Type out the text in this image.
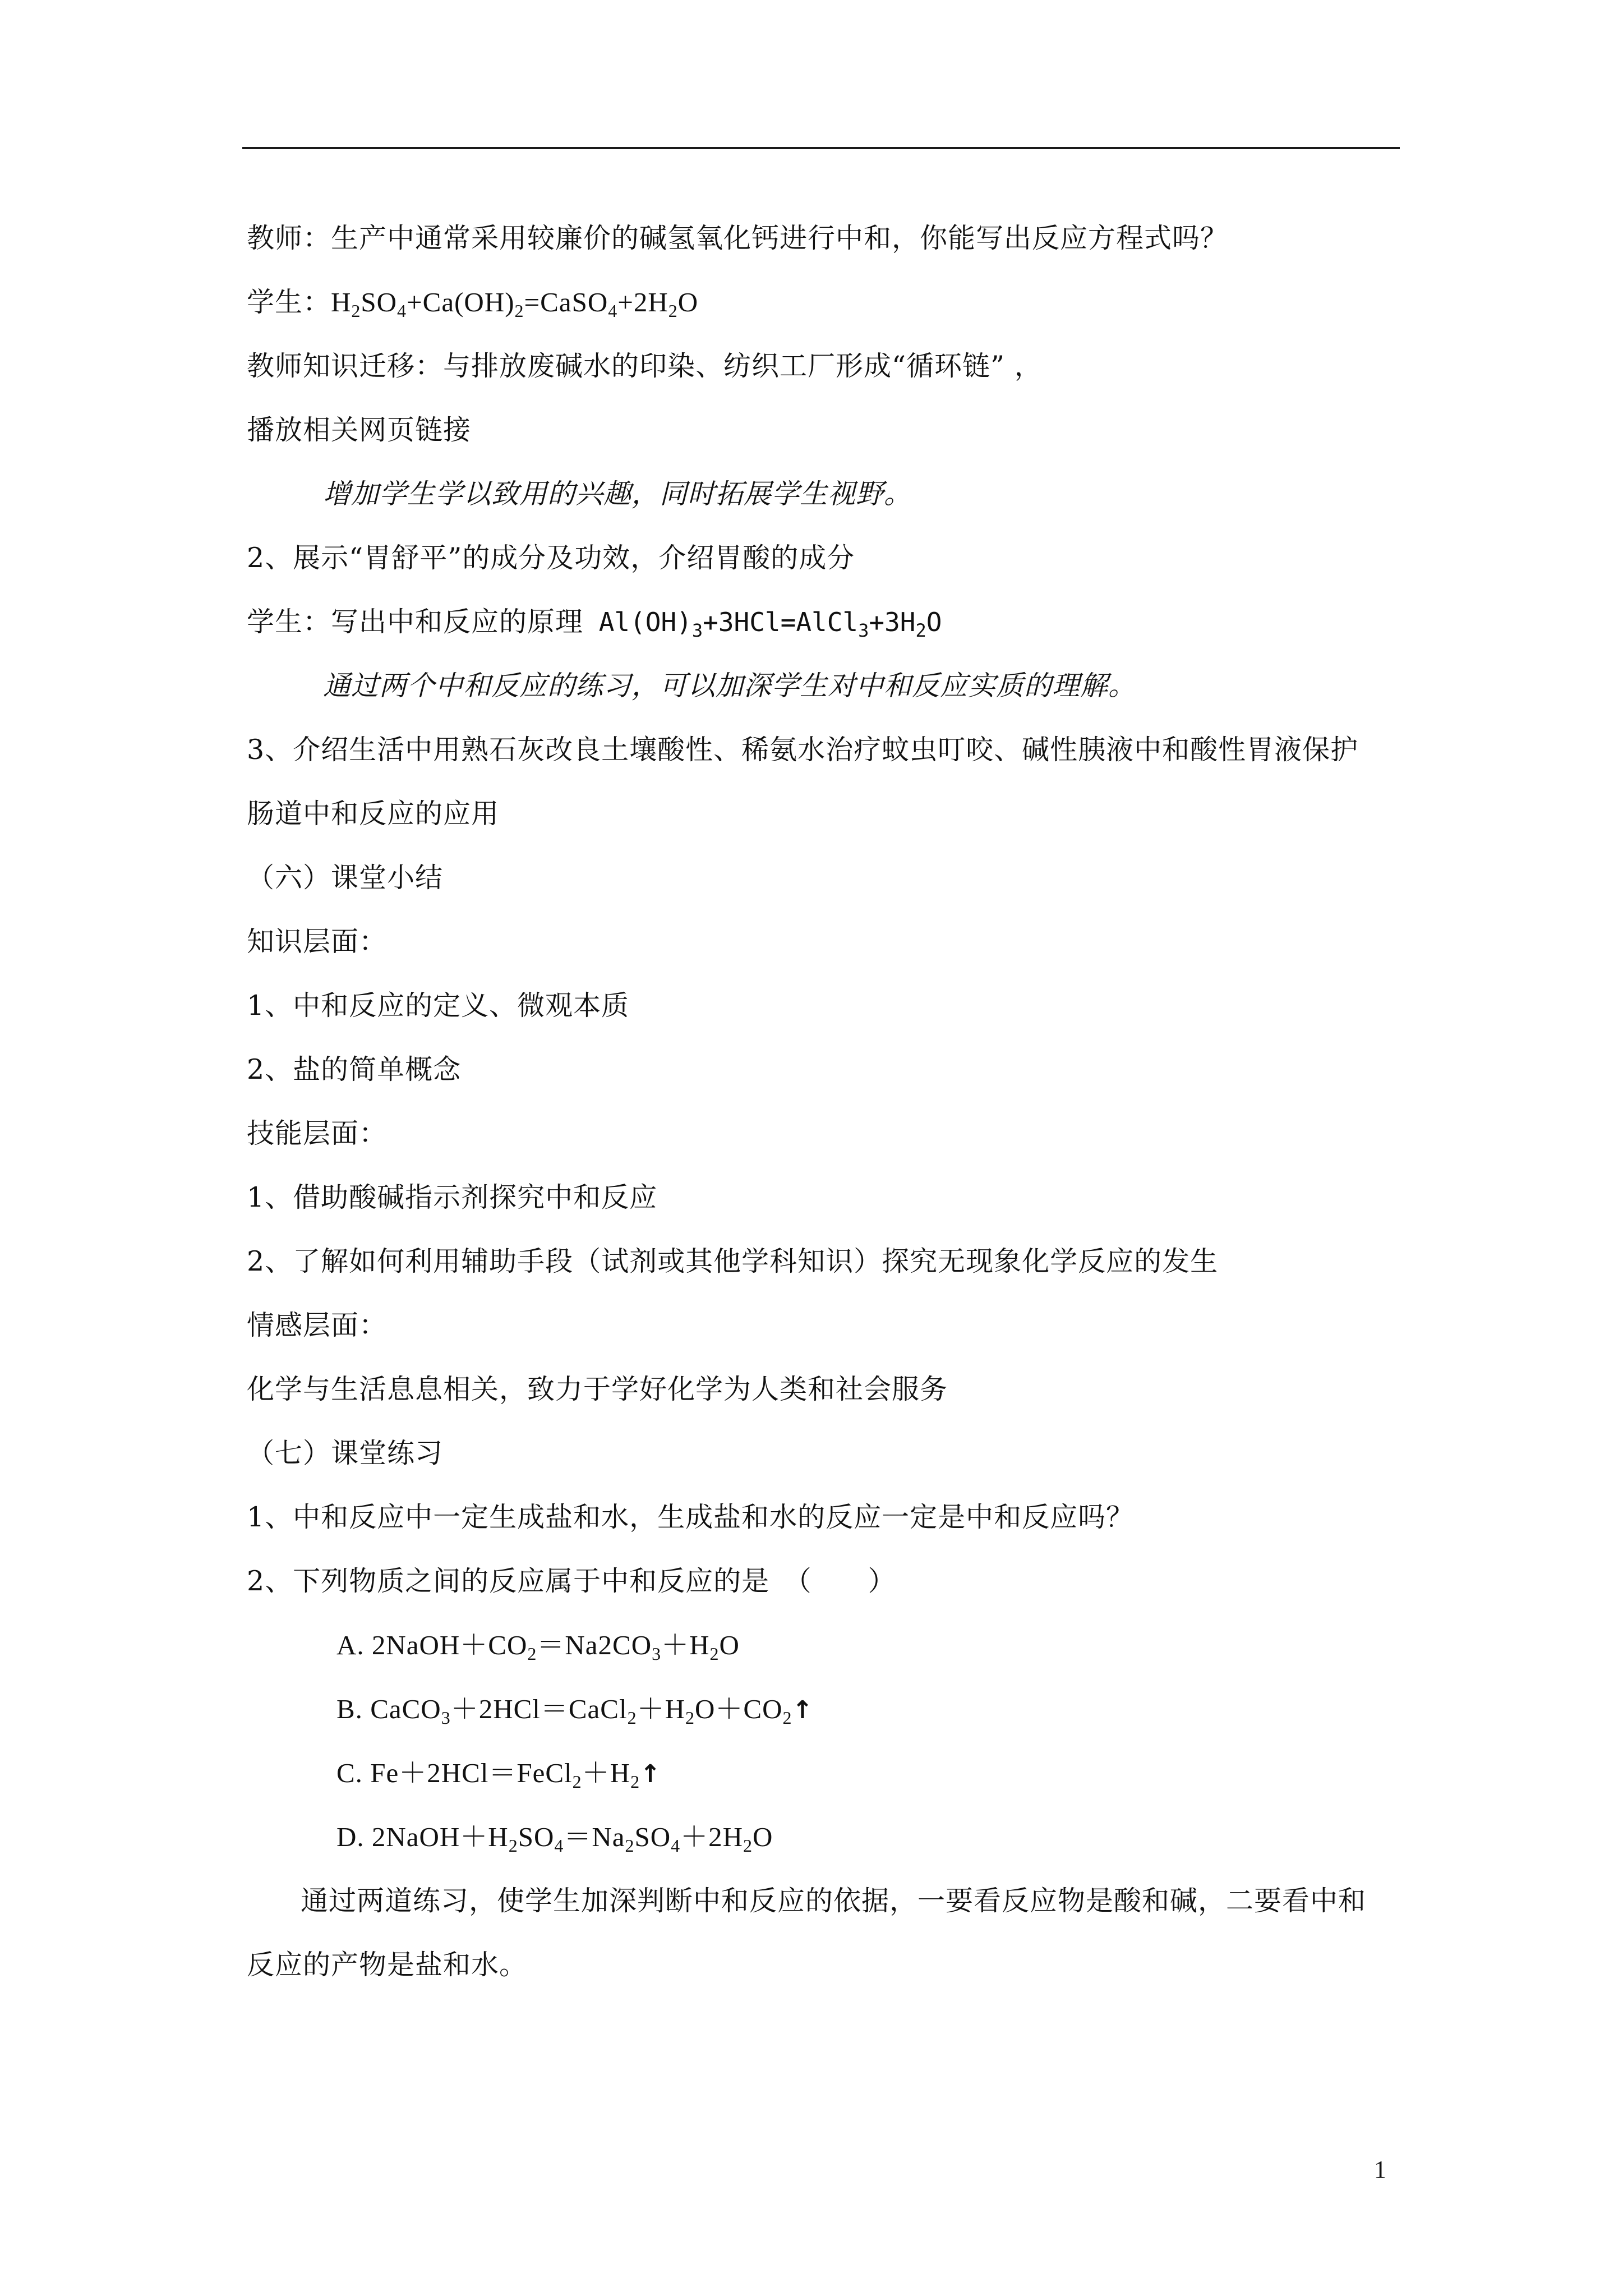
教师：生产中通常采用较廉价的碱氢氧化钙进行中和，你能写出反应方程式吗？
学生：$H_2SO_4+Ca(OH)_2=CaSO_4+2H_2O$
教师知识迁移：与排放废碱水的印染、纺织工厂形成“循环链” ，
播放相关网页链接
增加学生学以致用的兴趣，同时拓展学生视野。
2、展示“胃舒平”的成分及功效，介绍胃酸的成分
学生：写出中和反应的原理 $Al(OH)_3+3HCl=AlCl_3+3H_2O$
通过两个中和反应的练习，可以加深学生对中和反应实质的理解。
3、介绍生活中用熟石灰改良土壤酸性、稀氨水治疗蚊虫叮咬、碱性胰液中和酸性胃液保护
肠道中和反应的应用
（六）课堂小结
知识层面：
1、中和反应的定义、微观本质
2、盐的简单概念
技能层面：
1、借助酸碱指示剂探究中和反应
2、了解如何利用辅助手段（试剂或其他学科知识）探究无现象化学反应的发生
情感层面：
化学与生活息息相关，致力于学好化学为人类和社会服务
（七）课堂练习
1、中和反应中一定生成盐和水，生成盐和水的反应一定是中和反应吗？
2、下列物质之间的反应属于中和反应的是　（　　）
A. $2NaOH+CO_2=Na2CO_3+H_2O$
B. $CaCO_3+2HCl=CaCl_2+H_2O+CO_2↑$
C. $Fe+2HCl=FeCl_2+H_2↑$
D. $2NaOH+H_2SO_4=Na_2SO_4+2H_2O$
通过两道练习，使学生加深判断中和反应的依据，一要看反应物是酸和碱，二要看中和
反应的产物是盐和水。
1
